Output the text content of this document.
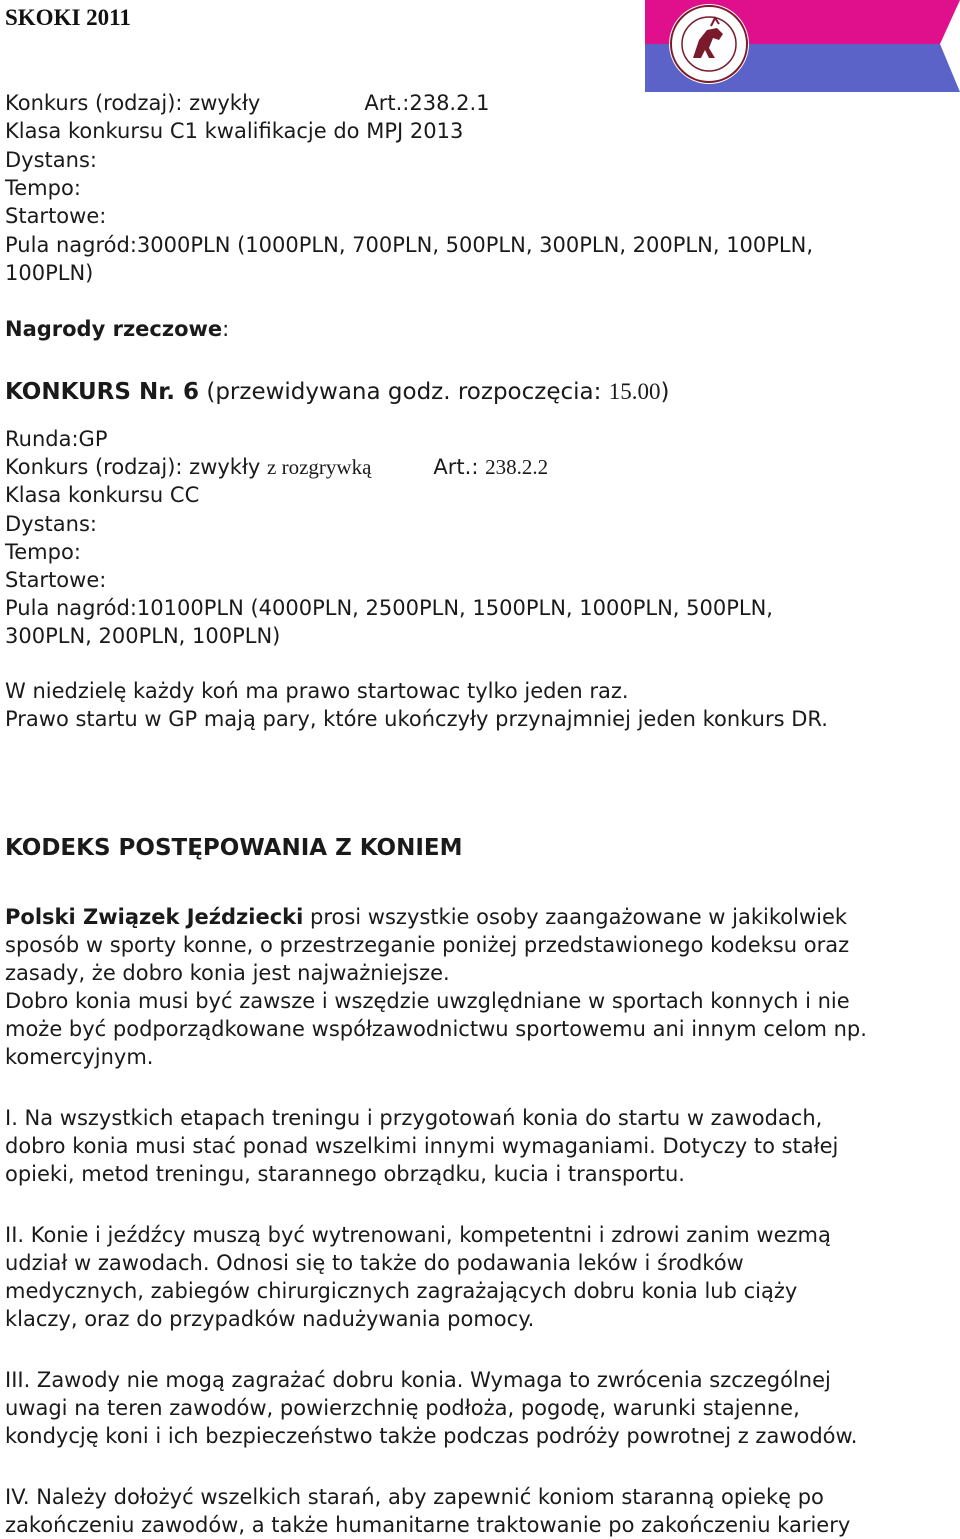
SKOKI 2011
Konkurs (rodzaj): zwykły	Art.:238.2.1
Klasa konkursu C1 kwalifikacje do MPJ 2013
Dystans:
Tempo:
Startowe:
Pula nagród:3000PLN (1000PLN, 700PLN, 500PLN, 300PLN, 200PLN, 100PLN,
100PLN)
Nagrody rzeczowe:
KONKURS Nr. 6 (przewidywana godz. rozpoczęcia: 15.00)
Runda:GP
Konkurs (rodzaj): zwykły z rozgrywką	Art.: 238.2.2
Klasa konkursu CC
Dystans:
Tempo:
Startowe:
Pula nagród:10100PLN (4000PLN, 2500PLN, 1500PLN, 1000PLN, 500PLN,
300PLN, 200PLN, 100PLN)
W niedzielę każdy koń ma prawo startowac tylko jeden raz.
Prawo startu w GP mają pary, które ukończyły przynajmniej jeden konkurs DR.
KODEKS POSTĘPOWANIA Z KONIEM
Polski Związek Jeździecki prosi wszystkie osoby zaangażowane w jakikolwiek
sposób w sporty konne, o przestrzeganie poniżej przedstawionego kodeksu oraz
zasady, że dobro konia jest najważniejsze.
Dobro konia musi być zawsze i wszędzie uwzględniane w sportach konnych i nie
może być podporządkowane współzawodnictwu sportowemu ani innym celom np.
komercyjnym.
I. Na wszystkich etapach treningu i przygotowań konia do startu w zawodach,
dobro konia musi stać ponad wszelkimi innymi wymaganiami. Dotyczy to stałej
opieki, metod treningu, starannego obrządku, kucia i transportu.
II. Konie i jeźdźcy muszą być wytrenowani, kompetentni i zdrowi zanim wezmą
udział w zawodach. Odnosi się to także do podawania leków i środków
medycznych, zabiegów chirurgicznych zagrażających dobru konia lub ciąży
klaczy, oraz do przypadków nadużywania pomocy.
III. Zawody nie mogą zagrażać dobru konia. Wymaga to zwrócenia szczególnej
uwagi na teren zawodów, powierzchnię podłoża, pogodę, warunki stajenne,
kondycję koni i ich bezpieczeństwo także podczas podróży powrotnej z zawodów.
IV. Należy dołożyć wszelkich starań, aby zapewnić koniom staranną opiekę po
zakończeniu zawodów, a także humanitarne traktowanie po zakończeniu kariery
